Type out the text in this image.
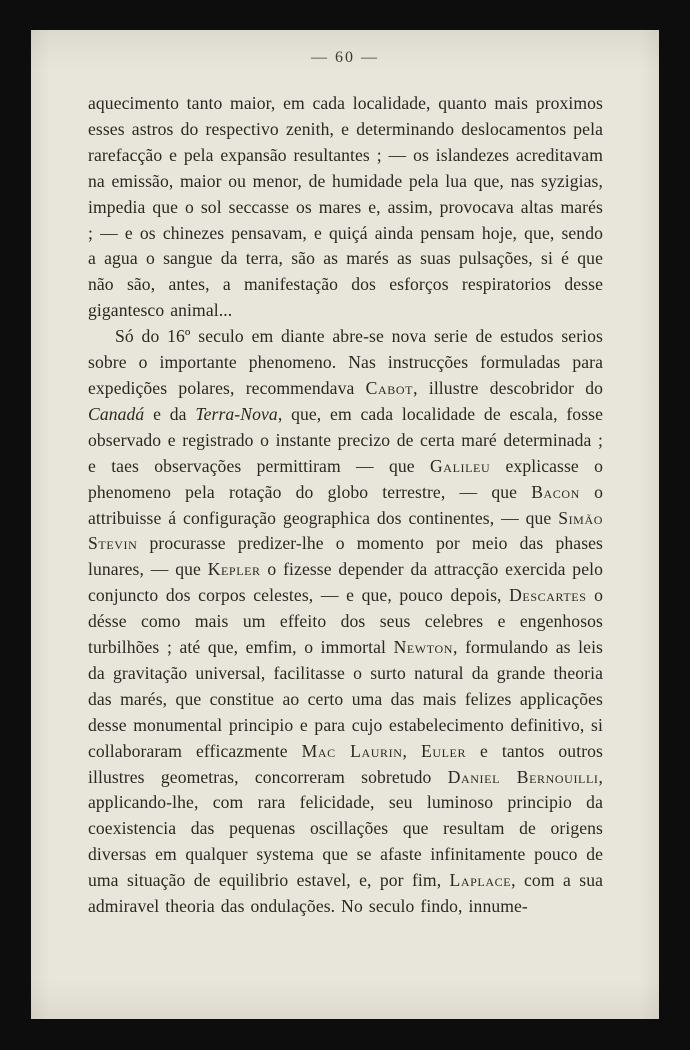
— 60 —

aquecimento tanto maior, em cada localidade, quanto mais proximos esses astros do respectivo zenith, e determinando deslocamentos pela rarefacção e pela expansão resultantes ; — os islandezes acreditavam na emissão, maior ou menor, de humidade pela lua que, nas syzigias, impedia que o sol seccasse os mares e, assim, provocava altas marés ; — e os chinezes pensavam, e quiçá ainda pensam hoje, que, sendo a agua o sangue da terra, são as marés as suas pulsações, si é que não são, antes, a manifestação dos esforços respiratorios desse gigantesco animal...

Só do 16º seculo em diante abre-se nova serie de estudos serios sobre o importante phenomeno. Nas instrucções formuladas para expedições polares, recommendava Cabot, illustre descobridor do Canadá e da Terra-Nova, que, em cada localidade de escala, fosse observado e registrado o instante precizo de certa maré determinada ; e taes observações permittiram — que Galileu explicasse o phenomeno pela rotação do globo terrestre, — que Bacon o attribuisse á configuração geographica dos continentes, — que Simão Stevin procurasse predizer-lhe o momento por meio das phases lunares, — que Kepler o fizesse depender da attracção exercida pelo conjuncto dos corpos celestes, — e que, pouco depois, Descartes o désse como mais um effeito dos seus celebres e engenhosos turbilhões ; até que, emfim, o immortal Newton, formulando as leis da gravitação universal, facilitasse o surto natural da grande theoria das marés, que constitue ao certo uma das mais felizes applicações desse monumental principio e para cujo estabelecimento definitivo, si collaboraram efficazmente Mac Laurin, Euler e tantos outros illustres geometras, concorreram sobretudo Daniel Bernouilli, applicando-lhe, com rara felicidade, seu luminoso principio da coexistencia das pequenas oscillações que resultam de origens diversas em qualquer systema que se afaste infinitamente pouco de uma situação de equilibrio estavel, e, por fim, Laplace, com a sua admiravel theoria das ondulações. No seculo findo, innume-
